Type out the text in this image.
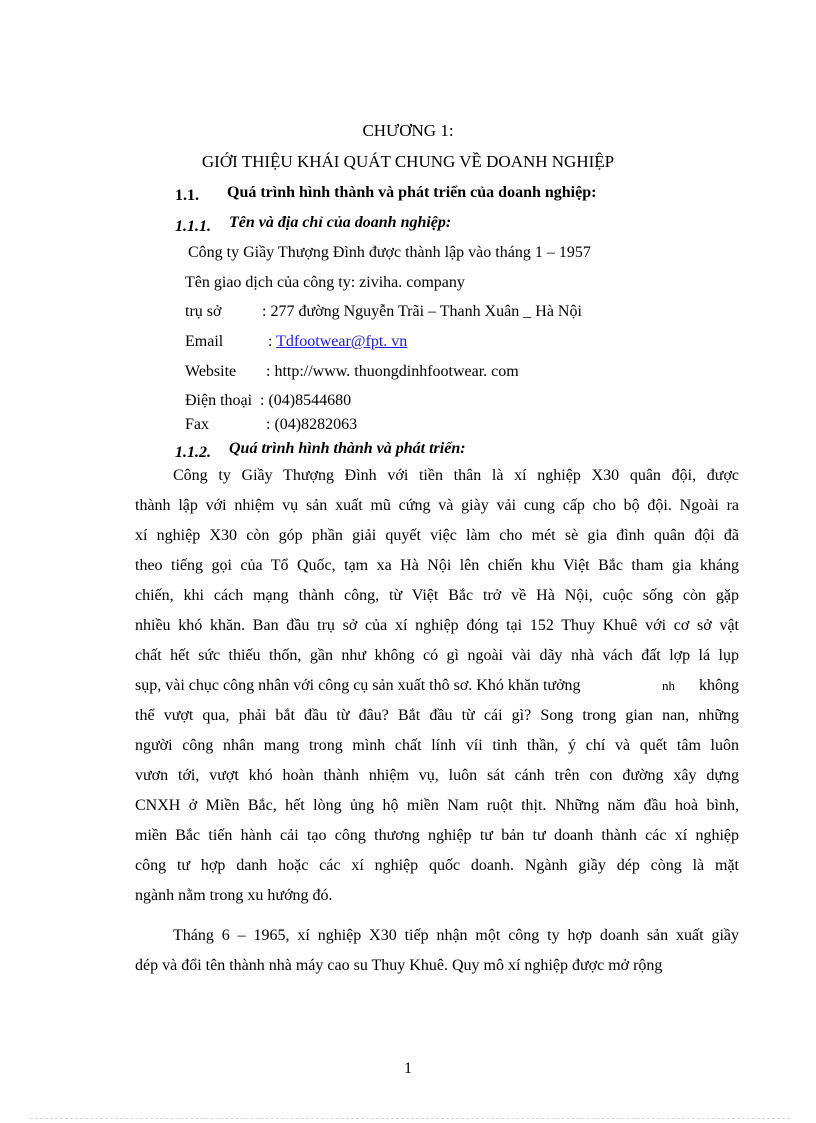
CHƯƠNG 1:
GIỚI THIỆU KHÁI QUÁT CHUNG VỀ DOANH NGHIỆP
1.1. Quá trình hình thành và phát triển của doanh nghiệp:
1.1.1. Tên và địa chỉ của doanh nghiệp:
Công ty Giầy Thượng Đình được thành lập vào tháng 1 – 1957
Tên giao dịch của công ty: ziviha. company
trụ sở	: 277 đường Nguyễn Trãi – Thanh Xuân _ Hà Nội
Email	: Tdfootwear@fpt. vn
Website : http://www. thuongdinhfootwear. com
Điện thoại : (04)8544680
Fax	: (04)8282063
1.1.2. Quá trình hình thành và phát triển:
Công ty Giầy Thượng Đình với tiền thân là xí nghiệp X30 quân đội, được
thành lập với nhiệm vụ sản xuất mũ cứng và giày vải cung cấp cho bộ đội. Ngoài ra
xí nghiệp X30 còn góp phần giải quyết việc làm cho mét sè gia đình quân đội đã
theo tiếng gọi của Tổ Quốc, tạm xa Hà Nội lên chiến khu Việt Bắc tham gia kháng
chiến, khi cách mạng thành công, từ Việt Bắc trở về Hà Nội, cuộc sống còn gặp
nhiều khó khăn. Ban đầu trụ sở của xí nghiệp đóng tại 152 Thuy Khuê với cơ sở vật
chất hết sức thiếu thốn, gần như không có gì ngoài vài dãy nhà vách đất lợp lá lụp
sụp, vài chục công nhân với công cụ sản xuất thô sơ. Khó khăn tưởng	nh không
thể vượt qua, phải bắt đầu từ đâu? Bắt đầu từ cái gì? Song trong gian nan, những
người công nhân mang trong mình chất lính víi tinh thần, ý chí và quết tâm luôn
vươn tới, vượt khó hoàn thành nhiệm vụ, luôn sát cánh trên con đường xây dựng
CNXH ở Miền Bắc, hết lòng ủng hộ miền Nam ruột thịt. Những năm đầu hoà bình,
miền Bắc tiến hành cải tạo công thương nghiệp tư bản tư doanh thành các xí nghiệp
công tư hợp danh hoặc các xí nghiệp quốc doanh. Ngành giầy dép còng là mặt
ngành nằm trong xu hướng đó.
Tháng 6 – 1965, xí nghiệp X30 tiếp nhận một công ty hợp doanh sản xuất giầy
dép và đổi tên thành nhà máy cao su Thuy Khuê. Quy mô xí nghiệp được mở rộng
1
